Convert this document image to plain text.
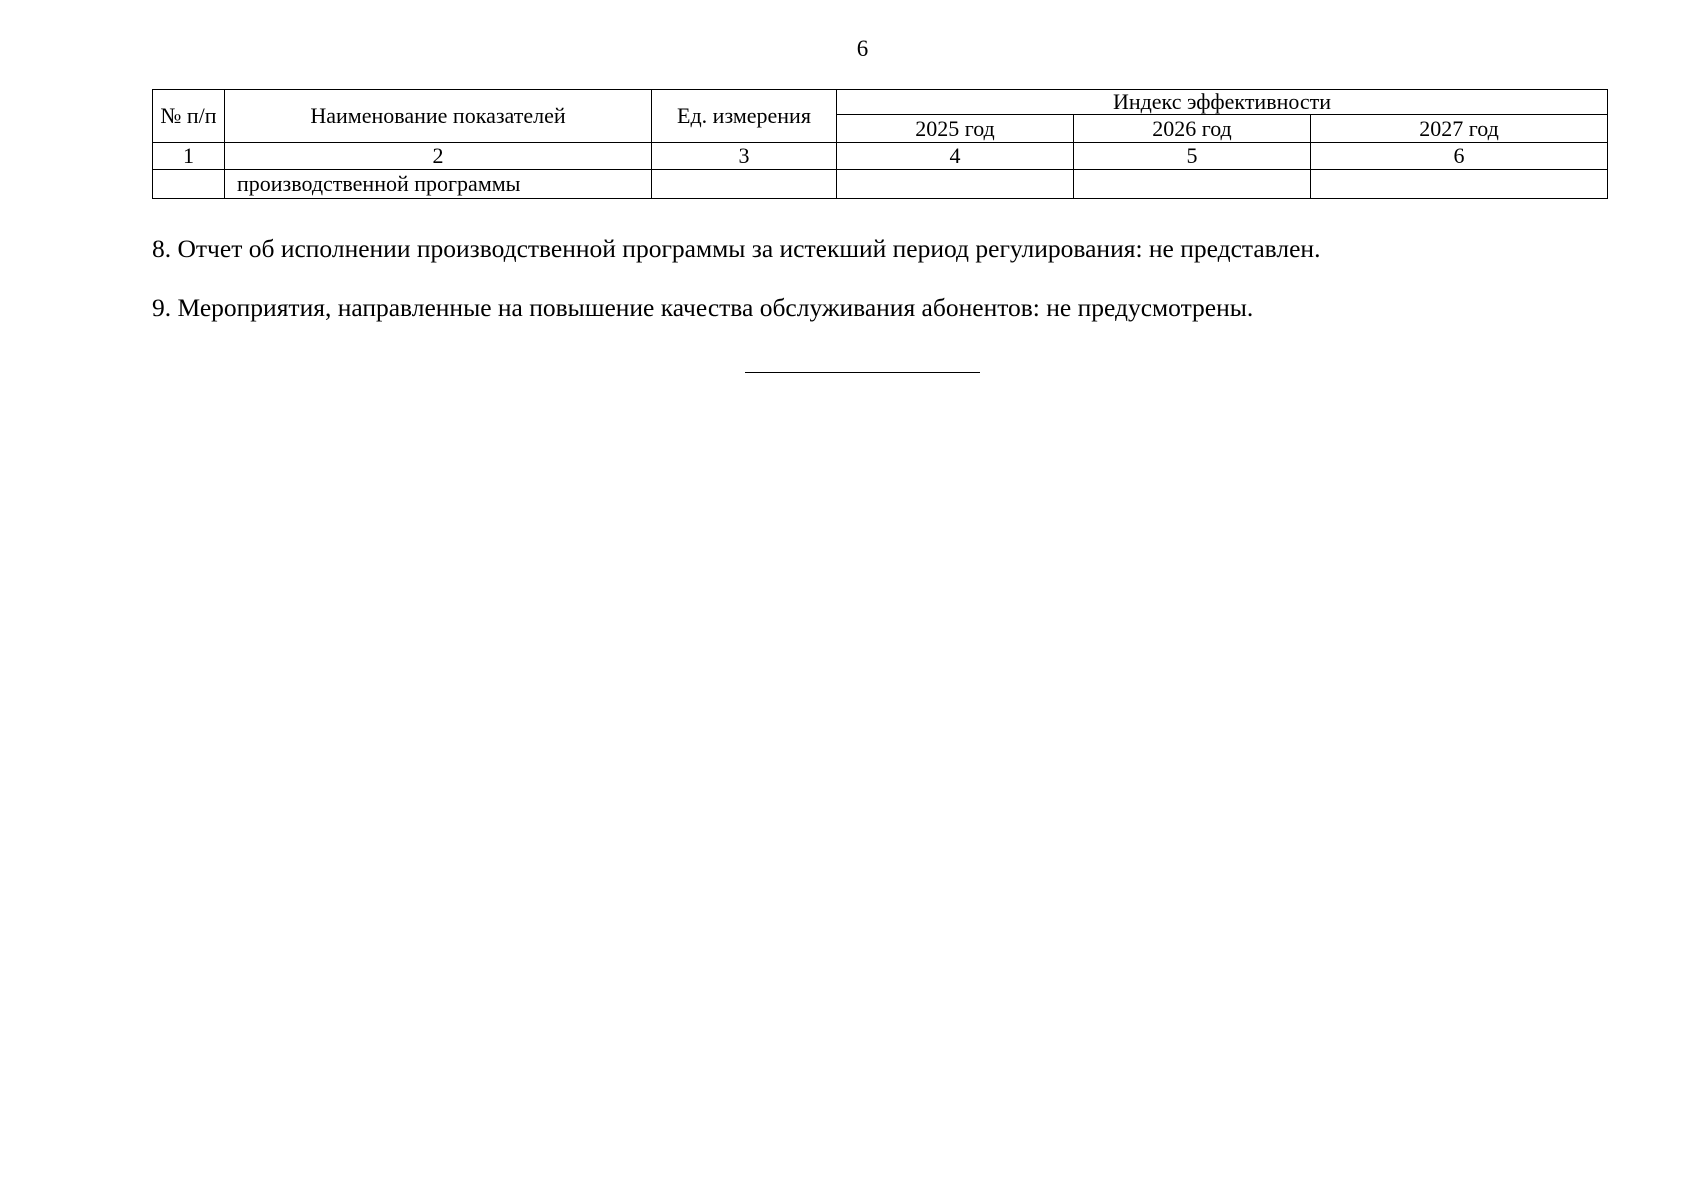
6
№ п/п	Наименование показателей	Ед. измерения	Индекс эффективности		
			2025 год	2026 год	2027 год
1	2	3	4	5	6
	производственной программы				
8. Отчет об исполнении производственной программы за истекший период регулирования: не представлен.
9. Мероприятия, направленные на повышение качества обслуживания абонентов: не предусмотрены.
